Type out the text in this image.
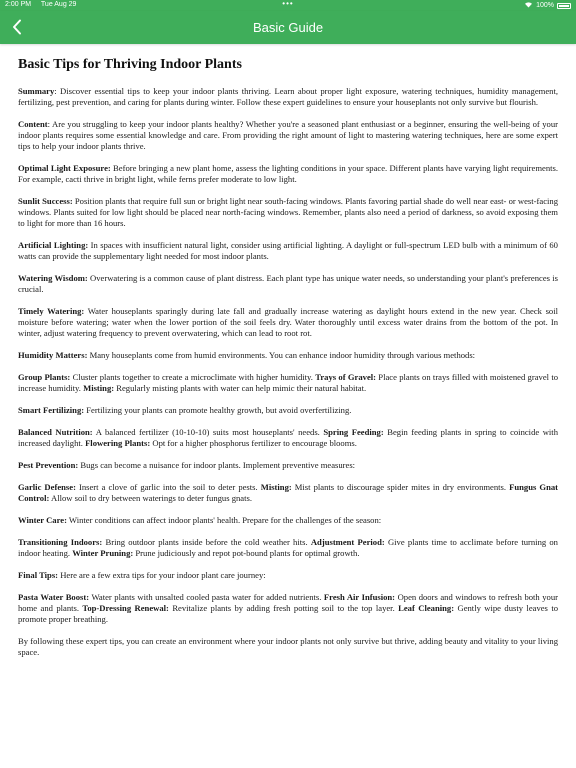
2:00 PM Tue Aug 29	•••	100%
Basic Guide
Basic Tips for Thriving Indoor Plants

Summary: Discover essential tips to keep your indoor plants thriving. Learn about proper light exposure, watering techniques, humidity management, fertilizing, pest prevention, and caring for plants during winter. Follow these expert guidelines to ensure your houseplants not only survive but flourish.

Content: Are you struggling to keep your indoor plants healthy? Whether you're a seasoned plant enthusiast or a beginner, ensuring the well-being of your indoor plants requires some essential knowledge and care. From providing the right amount of light to mastering watering techniques, here are some expert tips to help your indoor plants thrive.

Optimal Light Exposure: Before bringing a new plant home, assess the lighting conditions in your space. Different plants have varying light requirements. For example, cacti thrive in bright light, while ferns prefer moderate to low light.

Sunlit Success: Position plants that require full sun or bright light near south-facing windows. Plants favoring partial shade do well near east- or west-facing windows. Plants suited for low light should be placed near north-facing windows. Remember, plants also need a period of darkness, so avoid exposing them to light for more than 16 hours.

Artificial Lighting: In spaces with insufficient natural light, consider using artificial lighting. A daylight or full-spectrum LED bulb with a minimum of 60 watts can provide the supplementary light needed for most indoor plants.

Watering Wisdom: Overwatering is a common cause of plant distress. Each plant type has unique water needs, so understanding your plant's preferences is crucial.

Timely Watering: Water houseplants sparingly during late fall and gradually increase watering as daylight hours extend in the new year. Check soil moisture before watering; water when the lower portion of the soil feels dry. Water thoroughly until excess water drains from the bottom of the pot. In winter, adjust watering frequency to prevent overwatering, which can lead to root rot.

Humidity Matters: Many houseplants come from humid environments. You can enhance indoor humidity through various methods:

Group Plants: Cluster plants together to create a microclimate with higher humidity. Trays of Gravel: Place plants on trays filled with moistened gravel to increase humidity. Misting: Regularly misting plants with water can help mimic their natural habitat.

Smart Fertilizing: Fertilizing your plants can promote healthy growth, but avoid overfertilizing.

Balanced Nutrition: A balanced fertilizer (10-10-10) suits most houseplants' needs. Spring Feeding: Begin feeding plants in spring to coincide with increased daylight. Flowering Plants: Opt for a higher phosphorus fertilizer to encourage blooms.

Pest Prevention: Bugs can become a nuisance for indoor plants. Implement preventive measures:

Garlic Defense: Insert a clove of garlic into the soil to deter pests. Misting: Mist plants to discourage spider mites in dry environments. Fungus Gnat Control: Allow soil to dry between waterings to deter fungus gnats.

Winter Care: Winter conditions can affect indoor plants' health. Prepare for the challenges of the season:

Transitioning Indoors: Bring outdoor plants inside before the cold weather hits. Adjustment Period: Give plants time to acclimate before turning on indoor heating. Winter Pruning: Prune judiciously and repot pot-bound plants for optimal growth.

Final Tips: Here are a few extra tips for your indoor plant care journey:

Pasta Water Boost: Water plants with unsalted cooled pasta water for added nutrients. Fresh Air Infusion: Open doors and windows to refresh both your home and plants. Top-Dressing Renewal: Revitalize plants by adding fresh potting soil to the top layer. Leaf Cleaning: Gently wipe dusty leaves to promote proper breathing.

By following these expert tips, you can create an environment where your indoor plants not only survive but thrive, adding beauty and vitality to your living space.
